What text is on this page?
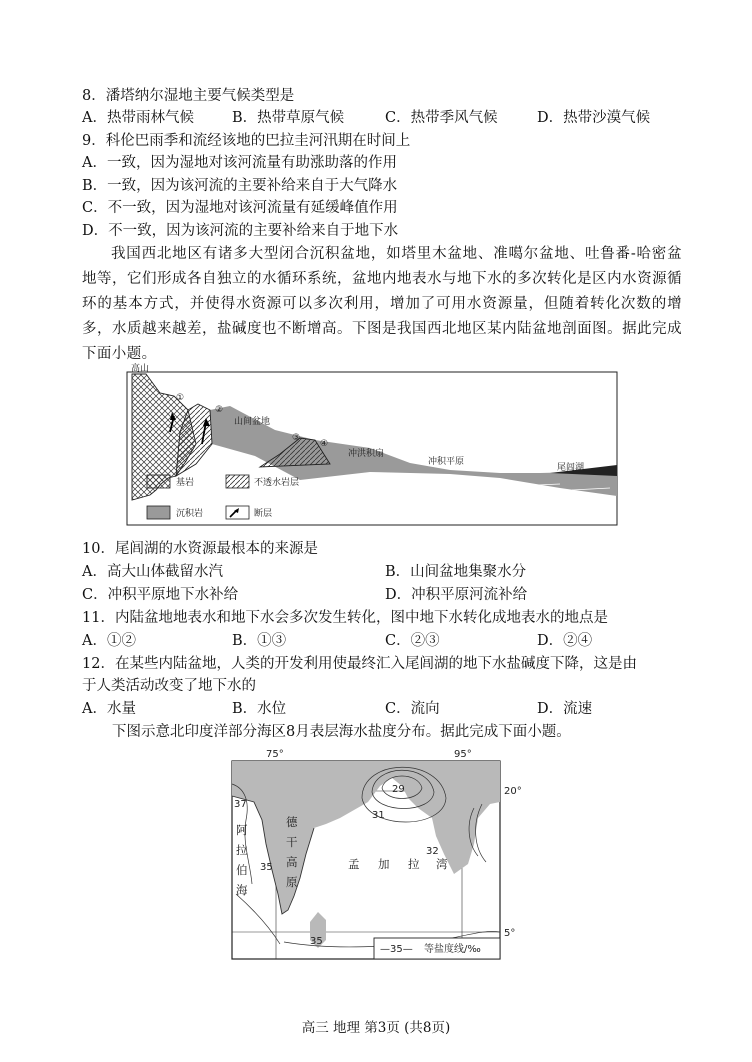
8．潘塔纳尔湿地主要气候类型是
A．热带雨林气候	B．热带草原气候	C．热带季风气候	D．热带沙漠气候
9．科伦巴雨季和流经该地的巴拉圭河汛期在时间上
A．一致，因为湿地对该河流量有助涨助落的作用
B．一致，因为该河流的主要补给来自于大气降水
C．不一致，因为湿地对该河流量有延缓峰值作用
D．不一致，因为该河流的主要补给来自于地下水
我国西北地区有诸多大型闭合沉积盆地，如塔里木盆地、准噶尔盆地、吐鲁番-哈密盆地等，它们形成各自独立的水循环系统，盆地内地表水与地下水的多次转化是区内水资源循环的基本方式，并使得水资源可以多次利用，增加了可用水资源量，但随着转化次数的增多，水质越来越差，盐碱度也不断增高。下图是我国西北地区某内陆盆地剖面图。据此完成下面小题。
①
②
③
④
高山
山间盆地
冲洪积扇
冲积平原
尾闾湖
基岩	不透水岩层
沉积岩	断层
10．尾闾湖的水资源最根本的来源是
A．高大山体截留水汽	B．山间盆地集聚水分
C．冲积平原地下水补给	D．冲积平原河流补给
11．内陆盆地地表水和地下水会多次发生转化，图中地下水转化成地表水的地点是
A．①②	B．①③	C．②③	D．②④
12．在某些内陆盆地，人类的开发利用使最终汇入尾闾湖的地下水盐碱度下降，这是由
于人类活动改变了地下水的
A．水量	B．水位	C．流向	D．流速
下图示意北印度洋部分海区8月表层海水盐度分布。据此完成下面小题。
75°	95°
20°
5°
37
29
31
32
35
35
阿
拉
伯
海
德
干
高
原
孟 加 拉 湾
—35— 等盐度线/‰
高三 地理 第3页 (共8页)
